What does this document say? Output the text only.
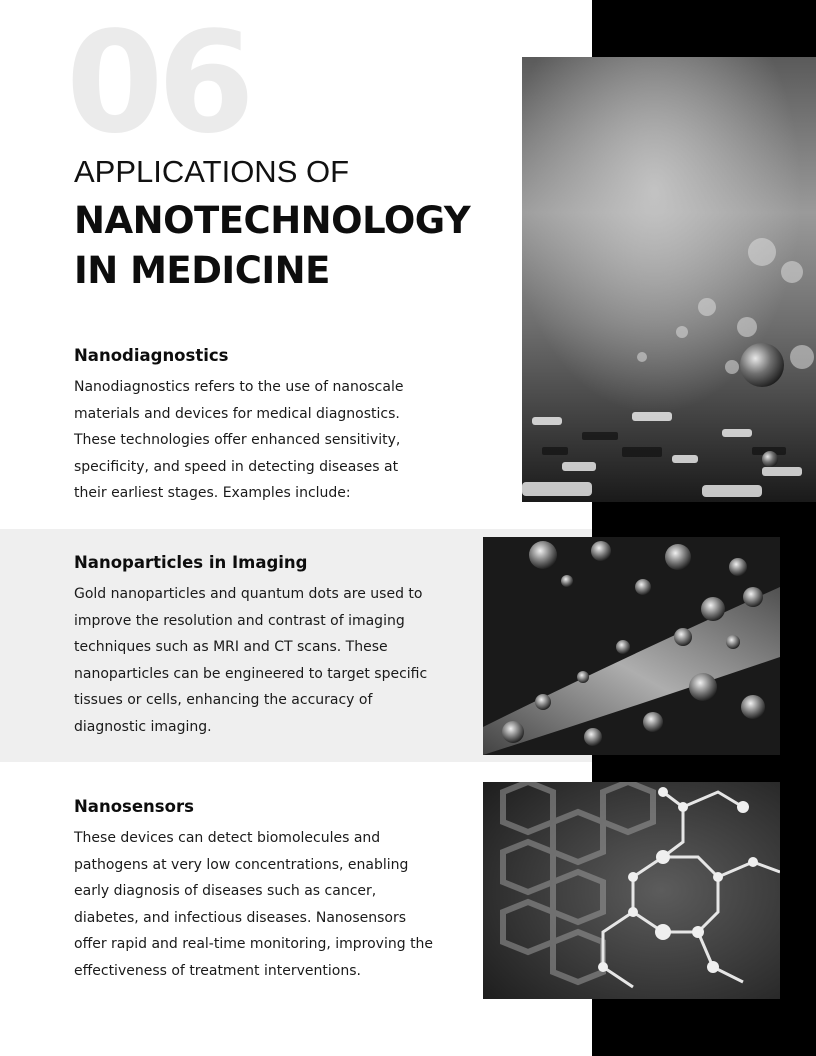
06
APPLICATIONS OF
NANOTECHNOLOGY
IN MEDICINE
Nanodiagnostics

Nanodiagnostics refers to the use of nanoscale materials and devices for medical diagnostics. These technologies offer enhanced sensitivity, specificity, and speed in detecting diseases at their earliest stages. Examples include:

Nanoparticles in Imaging

Gold nanoparticles and quantum dots are used to improve the resolution and contrast of imaging techniques such as MRI and CT scans. These nanoparticles can be engineered to target specific tissues or cells, enhancing the accuracy of diagnostic imaging.

Nanosensors

These devices can detect biomolecules and pathogens at very low concentrations, enabling early diagnosis of diseases such as cancer, diabetes, and infectious diseases. Nanosensors offer rapid and real-time monitoring, improving the effectiveness of treatment interventions.
